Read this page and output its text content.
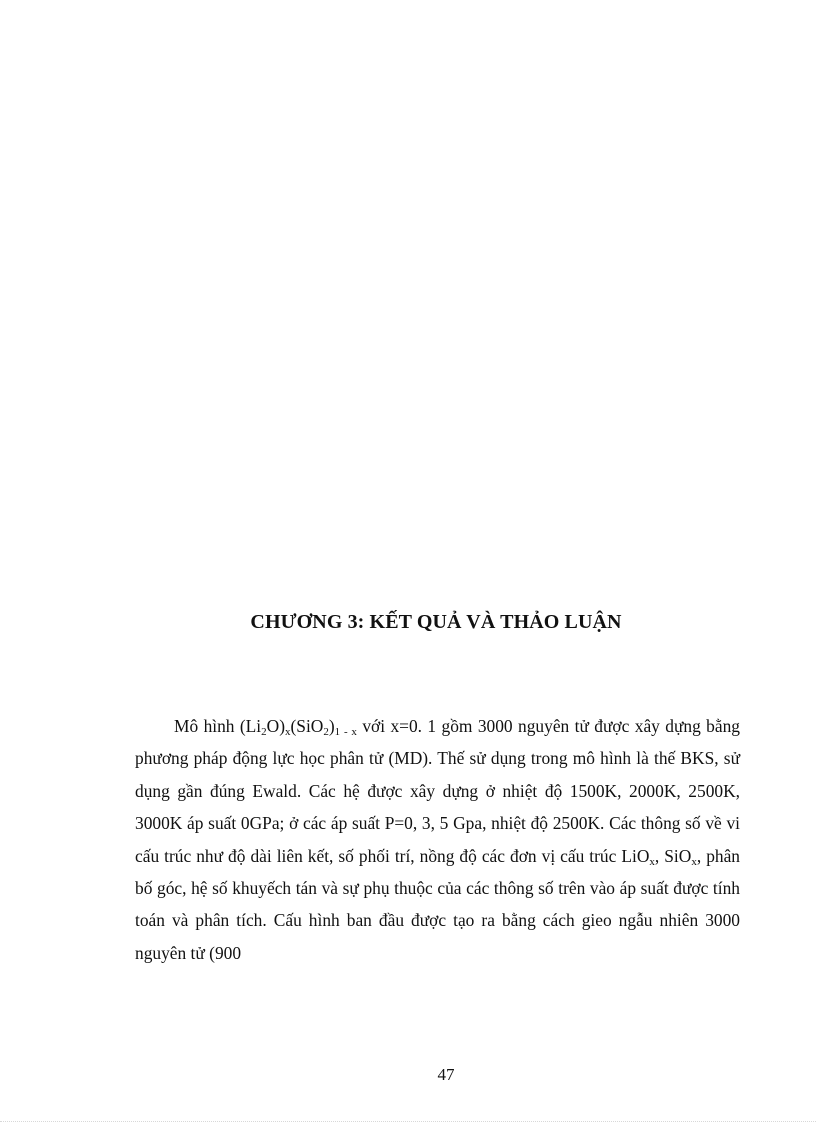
CHƯƠNG 3: KẾT QUẢ VÀ THẢO LUẬN

Mô hình $(Li_2O)_x(SiO_2)_{1 - x}$ với x=0. 1 gồm 3000 nguyên tử được xây dựng bằng phương pháp động lực học phân tử (MD). Thế sử dụng trong mô hình là thế BKS, sử dụng gần đúng Ewald. Các hệ được xây dựng ở nhiệt độ 1500K, 2000K, 2500K, 3000K áp suất 0GPa; ở các áp suất P=0, 3, 5 Gpa, nhiệt độ 2500K. Các thông số về vi cấu trúc như độ dài liên kết, số phối trí, nồng độ các đơn vị cấu trúc LiO$_x$, SiO$_x$, phân bố góc, hệ số khuyếch tán và sự phụ thuộc của các thông số trên vào áp suất được tính toán và phân tích. Cấu hình ban đầu được tạo ra bằng cách gieo ngẫu nhiên 3000 nguyên tử (900

47
